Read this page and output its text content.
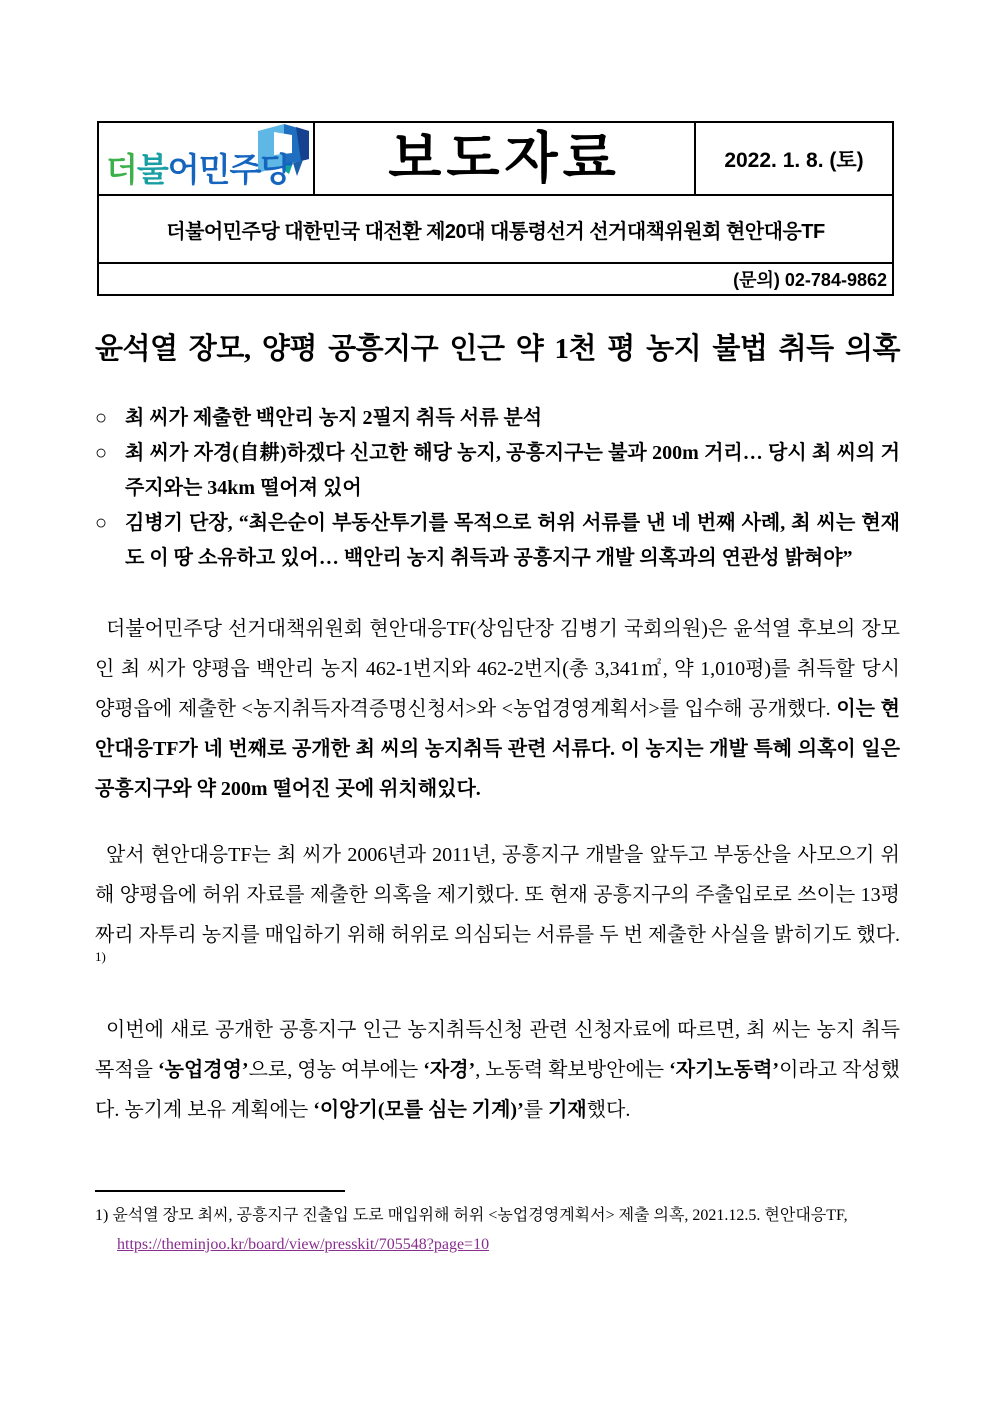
더불어민주당	보도자료	2022. 1. 8. (토)
더불어민주당 대한민국 대전환 제20대 대통령선거 선거대책위원회 현안대응TF
(문의) 02-784-9862
윤석열 장모, 양평 공흥지구 인근 약 1천 평 농지 불법 취득 의혹
○ 최 씨가 제출한 백안리 농지 2필지 취득 서류 분석
○ 최 씨가 자경(自耕)하겠다 신고한 해당 농지, 공흥지구는 불과 200m 거리… 당시 최 씨의 거주지와는 34km 떨어져 있어
○ 김병기 단장, “최은순이 부동산투기를 목적으로 허위 서류를 낸 네 번째 사례, 최 씨는 현재도 이 땅 소유하고 있어… 백안리 농지 취득과 공흥지구 개발 의혹과의 연관성 밝혀야”

더불어민주당 선거대책위원회 현안대응TF(상임단장 김병기 국회의원)은 윤석열 후보의 장모인 최 씨가 양평읍 백안리 농지 462-1번지와 462-2번지(총 3,341㎡, 약 1,010평)를 취득할 당시 양평읍에 제출한 <농지취득자격증명신청서>와 <농업경영계획서>를 입수해 공개했다. 이는 현안대응TF가 네 번째로 공개한 최 씨의 농지취득 관련 서류다. 이 농지는 개발 특혜 의혹이 일은 공흥지구와 약 200m 떨어진 곳에 위치해있다.

앞서 현안대응TF는 최 씨가 2006년과 2011년, 공흥지구 개발을 앞두고 부동산을 사모으기 위해 양평읍에 허위 자료를 제출한 의혹을 제기했다. 또 현재 공흥지구의 주출입로로 쓰이는 13평짜리 자투리 농지를 매입하기 위해 허위로 의심되는 서류를 두 번 제출한 사실을 밝히기도 했다.$^{1)}$

이번에 새로 공개한 공흥지구 인근 농지취득신청 관련 신청자료에 따르면, 최 씨는 농지 취득목적을 ‘농업경영’으로, 영농 여부에는 ‘자경’, 노동력 확보방안에는 ‘자기노동력’이라고 작성했다. 농기계 보유 계획에는 ‘이앙기(모를 심는 기계)’를 기재했다.

1) 윤석열 장모 최씨, 공흥지구 진출입 도로 매입위해 허위 <농업경영계획서> 제출 의혹, 2021.12.5. 현안대응TF,
https://theminjoo.kr/board/view/presskit/705548?page=10
